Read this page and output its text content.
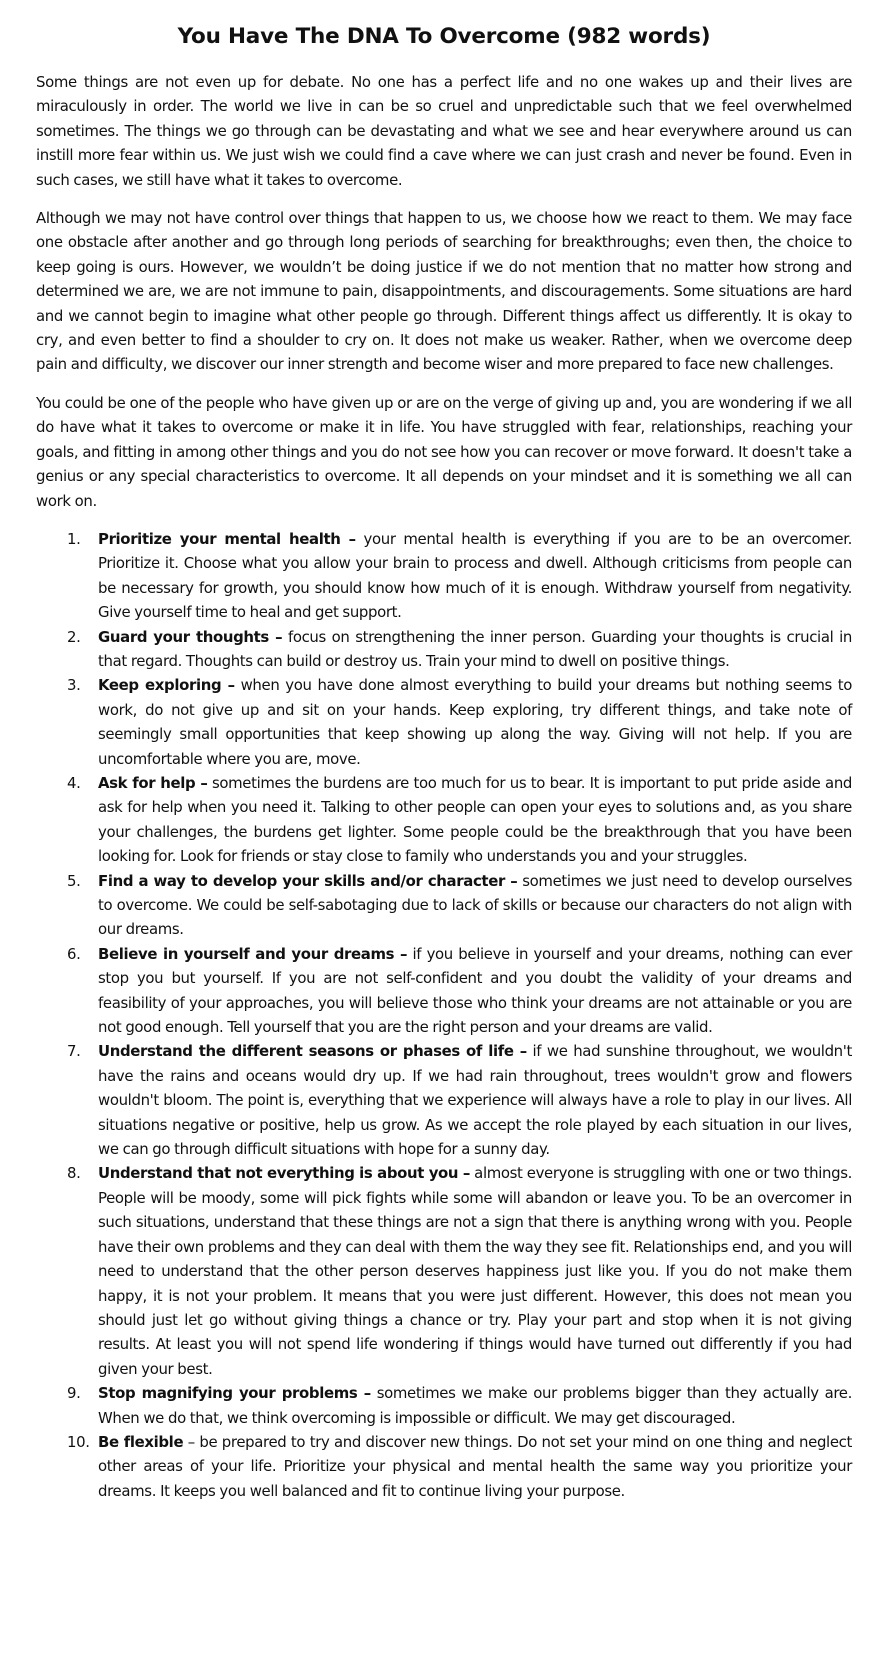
You Have The DNA To Overcome (982 words)

Some things are not even up for debate. No one has a perfect life and no one wakes up and their lives are miraculously in order. The world we live in can be so cruel and unpredictable such that we feel overwhelmed sometimes. The things we go through can be devastating and what we see and hear everywhere around us can instill more fear within us. We just wish we could find a cave where we can just crash and never be found. Even in such cases, we still have what it takes to overcome.

Although we may not have control over things that happen to us, we choose how we react to them. We may face one obstacle after another and go through long periods of searching for breakthroughs; even then, the choice to keep going is ours. However, we wouldn’t be doing justice if we do not mention that no matter how strong and determined we are, we are not immune to pain, disappointments, and discouragements. Some situations are hard and we cannot begin to imagine what other people go through. Different things affect us differently. It is okay to cry, and even better to find a shoulder to cry on. It does not make us weaker. Rather, when we overcome deep pain and difficulty, we discover our inner strength and become wiser and more prepared to face new challenges.

You could be one of the people who have given up or are on the verge of giving up and, you are wondering if we all do have what it takes to overcome or make it in life. You have struggled with fear, relationships, reaching your goals, and fitting in among other things and you do not see how you can recover or move forward. It doesn't take a genius or any special characteristics to overcome. It all depends on your mindset and it is something we all can work on.

1. Prioritize your mental health – your mental health is everything if you are to be an overcomer. Prioritize it. Choose what you allow your brain to process and dwell. Although criticisms from people can be necessary for growth, you should know how much of it is enough. Withdraw yourself from negativity. Give yourself time to heal and get support.
2. Guard your thoughts – focus on strengthening the inner person. Guarding your thoughts is crucial in that regard. Thoughts can build or destroy us. Train your mind to dwell on positive things.
3. Keep exploring – when you have done almost everything to build your dreams but nothing seems to work, do not give up and sit on your hands. Keep exploring, try different things, and take note of seemingly small opportunities that keep showing up along the way. Giving will not help. If you are uncomfortable where you are, move.
4. Ask for help – sometimes the burdens are too much for us to bear. It is important to put pride aside and ask for help when you need it. Talking to other people can open your eyes to solutions and, as you share your challenges, the burdens get lighter. Some people could be the breakthrough that you have been looking for. Look for friends or stay close to family who understands you and your struggles.
5. Find a way to develop your skills and/or character – sometimes we just need to develop ourselves to overcome. We could be self-sabotaging due to lack of skills or because our characters do not align with our dreams.
6. Believe in yourself and your dreams – if you believe in yourself and your dreams, nothing can ever stop you but yourself. If you are not self-confident and you doubt the validity of your dreams and feasibility of your approaches, you will believe those who think your dreams are not attainable or you are not good enough. Tell yourself that you are the right person and your dreams are valid.
7. Understand the different seasons or phases of life – if we had sunshine throughout, we wouldn't have the rains and oceans would dry up. If we had rain throughout, trees wouldn't grow and flowers wouldn't bloom. The point is, everything that we experience will always have a role to play in our lives. All situations negative or positive, help us grow. As we accept the role played by each situation in our lives, we can go through difficult situations with hope for a sunny day.
8. Understand that not everything is about you – almost everyone is struggling with one or two things. People will be moody, some will pick fights while some will abandon or leave you. To be an overcomer in such situations, understand that these things are not a sign that there is anything wrong with you. People have their own problems and they can deal with them the way they see fit. Relationships end, and you will need to understand that the other person deserves happiness just like you. If you do not make them happy, it is not your problem. It means that you were just different. However, this does not mean you should just let go without giving things a chance or try. Play your part and stop when it is not giving results. At least you will not spend life wondering if things would have turned out differently if you had given your best.
9. Stop magnifying your problems – sometimes we make our problems bigger than they actually are. When we do that, we think overcoming is impossible or difficult. We may get discouraged.
10. Be flexible – be prepared to try and discover new things. Do not set your mind on one thing and neglect other areas of your life. Prioritize your physical and mental health the same way you prioritize your dreams. It keeps you well balanced and fit to continue living your purpose.
